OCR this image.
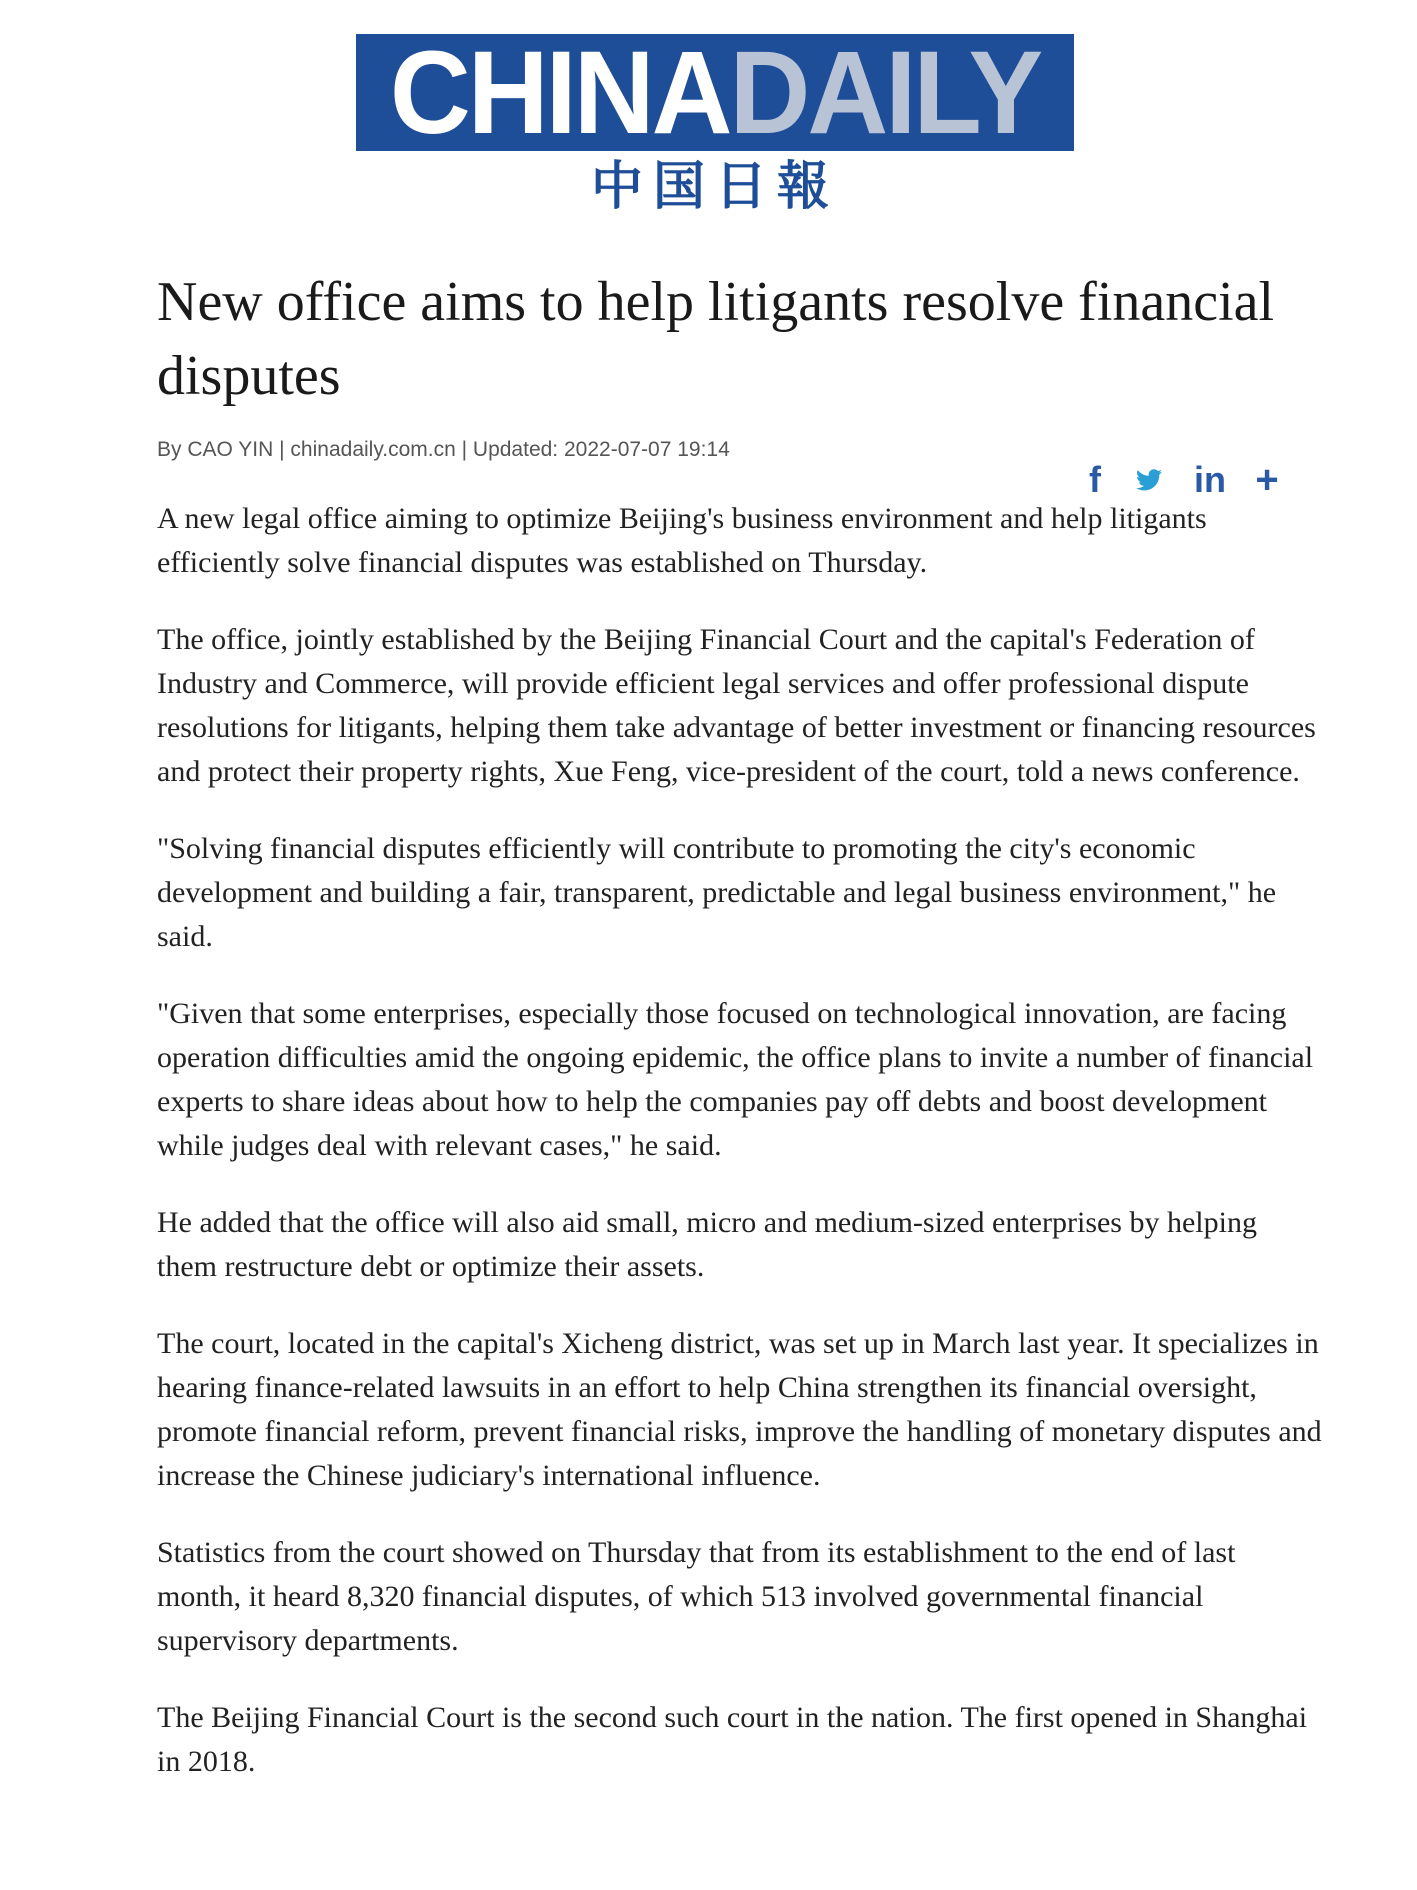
CHINADAILY
中国日報
New office aims to help litigants resolve financial disputes
By CAO YIN | chinadaily.com.cn | Updated: 2022-07-07 19:14
f	in +

A new legal office aiming to optimize Beijing's business environment and help litigants efficiently solve financial disputes was established on Thursday.

The office, jointly established by the Beijing Financial Court and the capital's Federation of Industry and Commerce, will provide efficient legal services and offer professional dispute resolutions for litigants, helping them take advantage of better investment or financing resources and protect their property rights, Xue Feng, vice-president of the court, told a news conference.

"Solving financial disputes efficiently will contribute to promoting the city's economic development and building a fair, transparent, predictable and legal business environment," he said.

"Given that some enterprises, especially those focused on technological innovation, are facing operation difficulties amid the ongoing epidemic, the office plans to invite a number of financial experts to share ideas about how to help the companies pay off debts and boost development while judges deal with relevant cases," he said.

He added that the office will also aid small, micro and medium-sized enterprises by helping them restructure debt or optimize their assets.

The court, located in the capital's Xicheng district, was set up in March last year. It specializes in hearing finance-related lawsuits in an effort to help China strengthen its financial oversight, promote financial reform, prevent financial risks, improve the handling of monetary disputes and increase the Chinese judiciary's international influence.

Statistics from the court showed on Thursday that from its establishment to the end of last month, it heard 8,320 financial disputes, of which 513 involved governmental financial supervisory departments.

The Beijing Financial Court is the second such court in the nation. The first opened in Shanghai in 2018.
